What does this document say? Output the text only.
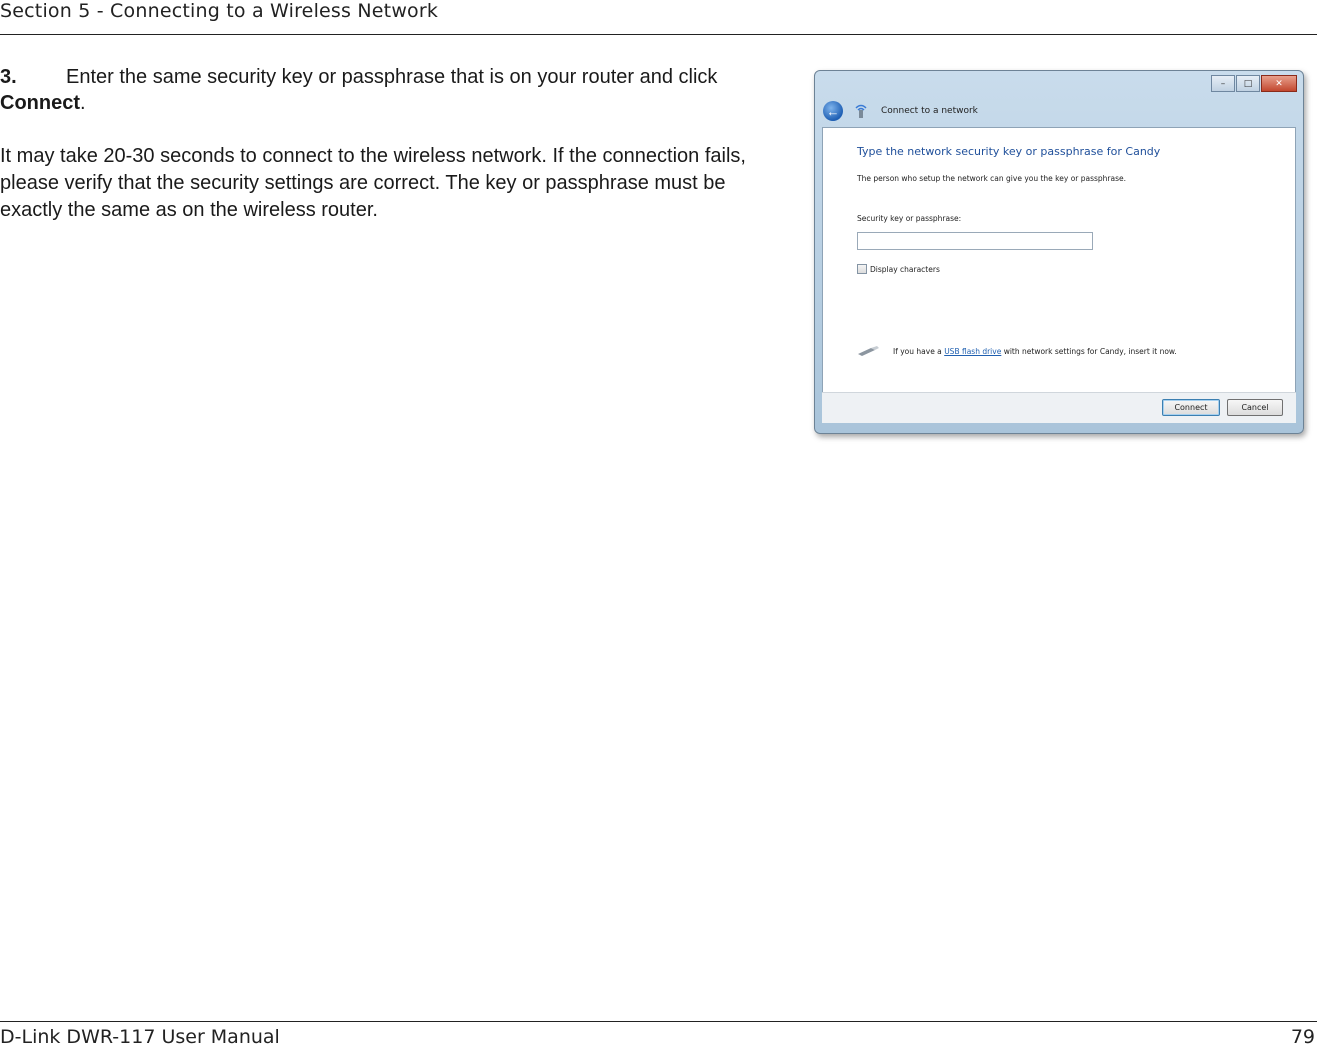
Section 5 - Connecting to a Wireless Network
3. Enter the same security key or passphrase that is on your router and click
Connect.
It may take 20-30 seconds to connect to the wireless network. If the connection fails, please verify that the security settings are correct. The key or passphrase must be exactly the same as on the wireless router.
–	□	✕
←	Connect to a network
Type the network security key or passphrase for Candy
The person who setup the network can give you the key or passphrase.
Security key or passphrase:
Display characters
If you have a
USB flash drive
with network settings for Candy, insert it now.
Connect	Cancel
D-Link DWR-117 User Manual	79
